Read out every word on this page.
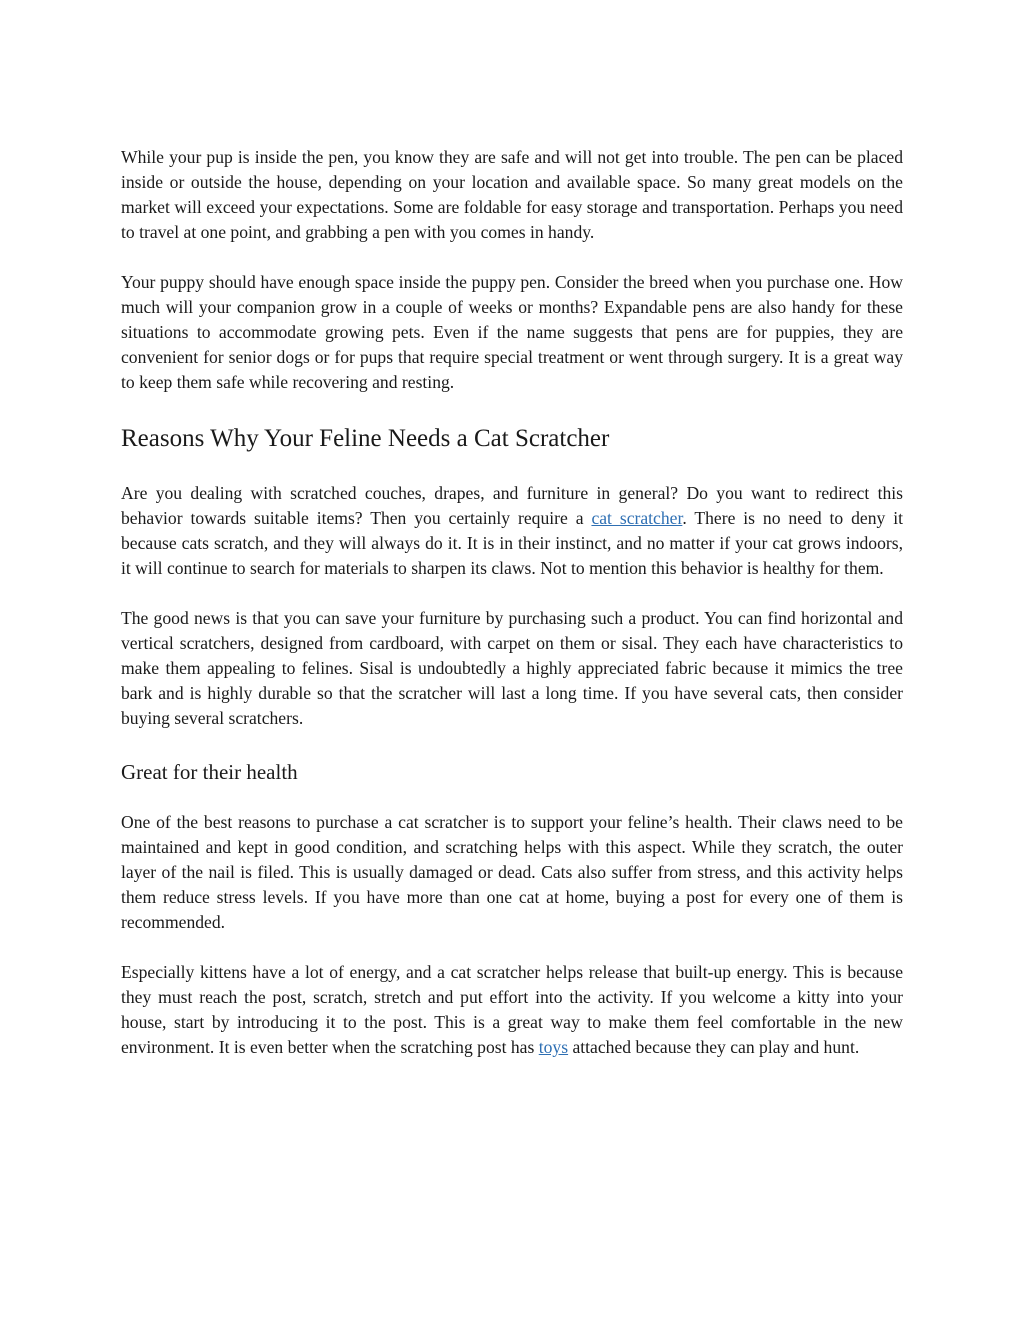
While your pup is inside the pen, you know they are safe and will not get into trouble. The pen can be placed inside or outside the house, depending on your location and available space. So many great models on the market will exceed your expectations. Some are foldable for easy storage and transportation. Perhaps you need to travel at one point, and grabbing a pen with you comes in handy.

Your puppy should have enough space inside the puppy pen. Consider the breed when you purchase one. How much will your companion grow in a couple of weeks or months? Expandable pens are also handy for these situations to accommodate growing pets. Even if the name suggests that pens are for puppies, they are convenient for senior dogs or for pups that require special treatment or went through surgery. It is a great way to keep them safe while recovering and resting.

Reasons Why Your Feline Needs a Cat Scratcher

Are you dealing with scratched couches, drapes, and furniture in general? Do you want to redirect this behavior towards suitable items? Then you certainly require a cat scratcher. There is no need to deny it because cats scratch, and they will always do it. It is in their instinct, and no matter if your cat grows indoors, it will continue to search for materials to sharpen its claws. Not to mention this behavior is healthy for them.

The good news is that you can save your furniture by purchasing such a product. You can find horizontal and vertical scratchers, designed from cardboard, with carpet on them or sisal. They each have characteristics to make them appealing to felines. Sisal is undoubtedly a highly appreciated fabric because it mimics the tree bark and is highly durable so that the scratcher will last a long time. If you have several cats, then consider buying several scratchers.

Great for their health

One of the best reasons to purchase a cat scratcher is to support your feline’s health. Their claws need to be maintained and kept in good condition, and scratching helps with this aspect. While they scratch, the outer layer of the nail is filed. This is usually damaged or dead. Cats also suffer from stress, and this activity helps them reduce stress levels. If you have more than one cat at home, buying a post for every one of them is recommended.

Especially kittens have a lot of energy, and a cat scratcher helps release that built-up energy. This is because they must reach the post, scratch, stretch and put effort into the activity. If you welcome a kitty into your house, start by introducing it to the post. This is a great way to make them feel comfortable in the new environment. It is even better when the scratching post has toys attached because they can play and hunt.
